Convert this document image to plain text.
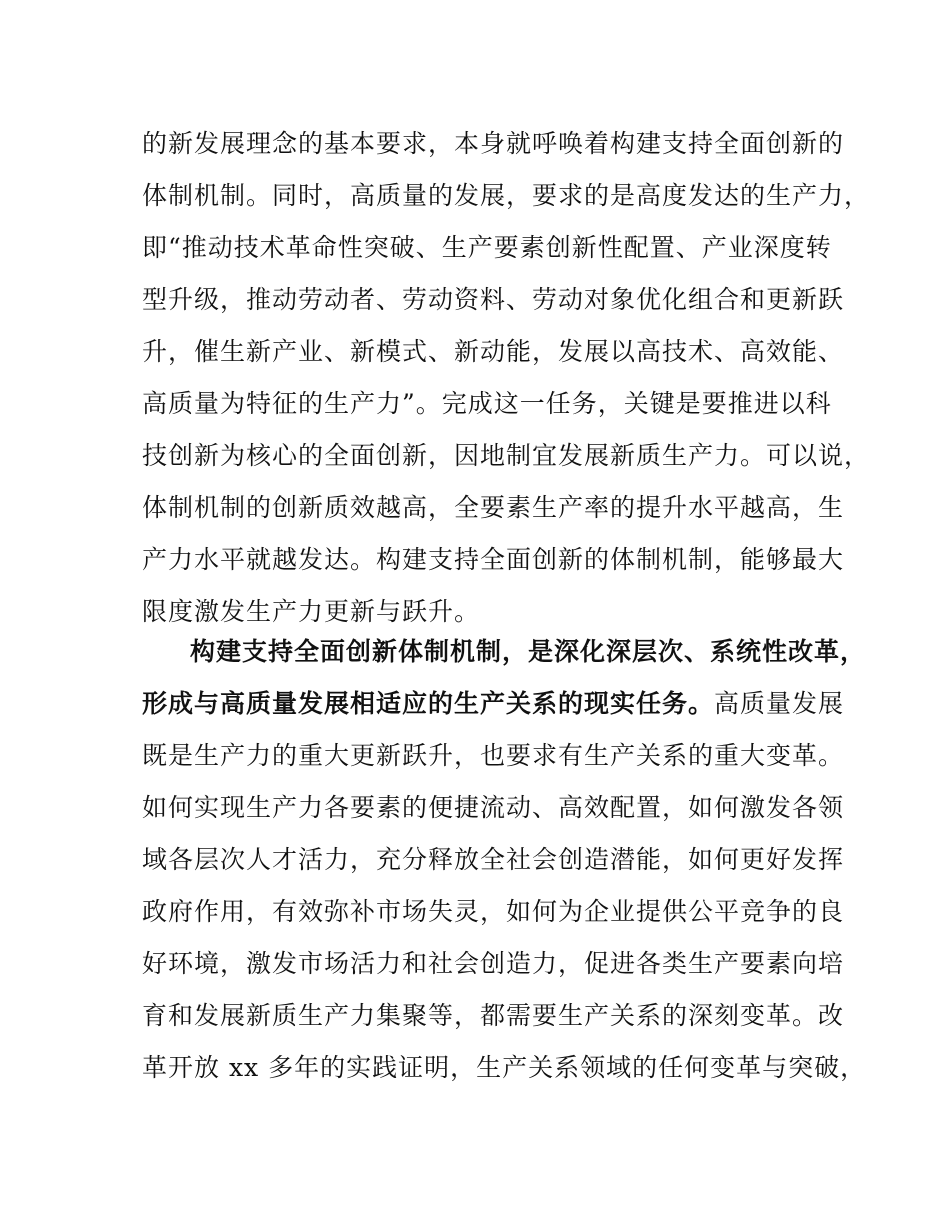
的新发展理念的基本要求，本身就呼唤着构建支持全面创新的
体制机制。同时，高质量的发展，要求的是高度发达的生产力，
即“推动技术革命性突破、生产要素创新性配置、产业深度转
型升级，推动劳动者、劳动资料、劳动对象优化组合和更新跃
升，催生新产业、新模式、新动能，发展以高技术、高效能、
高质量为特征的生产力”。完成这一任务，关键是要推进以科
技创新为核心的全面创新，因地制宜发展新质生产力。可以说，
体制机制的创新质效越高，全要素生产率的提升水平越高，生
产力水平就越发达。构建支持全面创新的体制机制，能够最大
限度激发生产力更新与跃升。
构建支持全面创新体制机制，是深化深层次、系统性改革，
形成与高质量发展相适应的生产关系的现实任务。高质量发展
既是生产力的重大更新跃升，也要求有生产关系的重大变革。
如何实现生产力各要素的便捷流动、高效配置，如何激发各领
域各层次人才活力，充分释放全社会创造潜能，如何更好发挥
政府作用，有效弥补市场失灵，如何为企业提供公平竞争的良
好环境，激发市场活力和社会创造力，促进各类生产要素向培
育和发展新质生产力集聚等，都需要生产关系的深刻变革。改
革开放 xx 多年的实践证明，生产关系领域的任何变革与突破，
